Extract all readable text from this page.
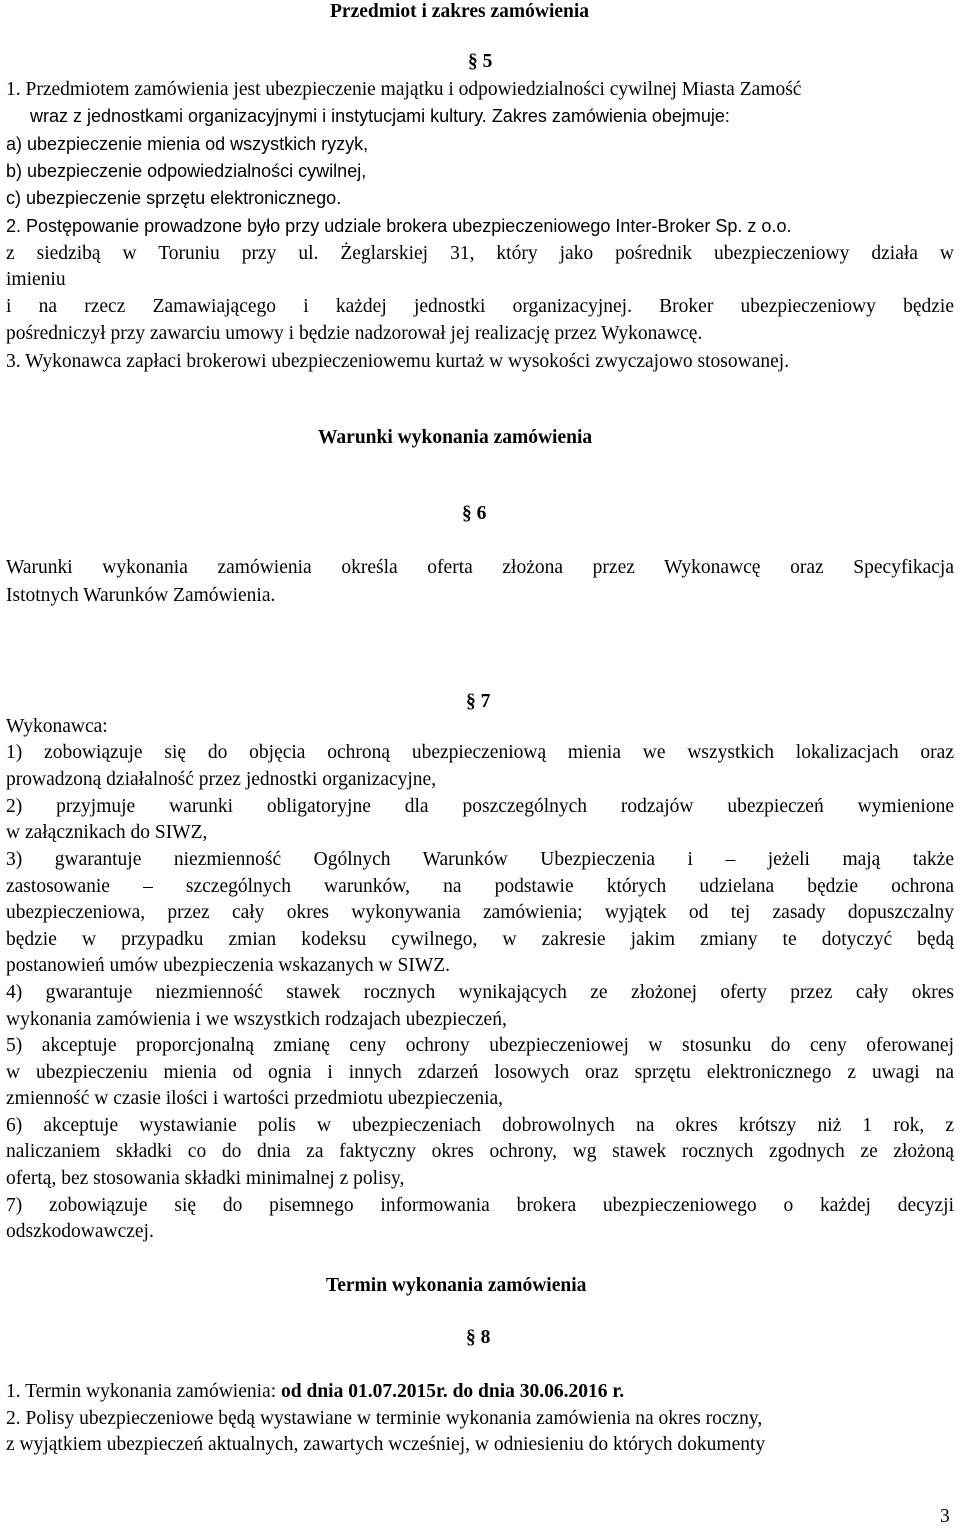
Przedmiot i zakres zamówienia
§ 5
1. Przedmiotem zamówienia jest ubezpieczenie majątku i odpowiedzialności cywilnej Miasta Zamość
wraz z jednostkami organizacyjnymi i instytucjami kultury. Zakres zamówienia obejmuje:
a) ubezpieczenie mienia od wszystkich ryzyk,
b) ubezpieczenie odpowiedzialności cywilnej,
c) ubezpieczenie sprzętu elektronicznego.
2. Postępowanie prowadzone było przy udziale brokera ubezpieczeniowego Inter-Broker Sp. z o.o.
z siedzibą w Toruniu przy ul. Żeglarskiej 31, który jako pośrednik ubezpieczeniowy działa w
imieniu
i na rzecz Zamawiającego i każdej jednostki organizacyjnej. Broker ubezpieczeniowy będzie
pośredniczył przy zawarciu umowy i będzie nadzorował jej realizację przez Wykonawcę.
3. Wykonawca zapłaci brokerowi ubezpieczeniowemu kurtaż w wysokości zwyczajowo stosowanej.
Warunki wykonania zamówienia
§ 6
Warunki wykonania zamówienia określa oferta złożona przez Wykonawcę oraz Specyfikacja
Istotnych Warunków Zamówienia.
§ 7
Wykonawca:
1) zobowiązuje się do objęcia ochroną ubezpieczeniową mienia we wszystkich lokalizacjach oraz
prowadzoną działalność przez jednostki organizacyjne,
2) przyjmuje warunki obligatoryjne dla poszczególnych rodzajów ubezpieczeń wymienione
w załącznikach do SIWZ,
3) gwarantuje niezmienność Ogólnych Warunków Ubezpieczenia i – jeżeli mają także
zastosowanie – szczególnych warunków, na podstawie których udzielana będzie ochrona
ubezpieczeniowa, przez cały okres wykonywania zamówienia; wyjątek od tej zasady dopuszczalny
będzie w przypadku zmian kodeksu cywilnego, w zakresie jakim zmiany te dotyczyć będą
postanowień umów ubezpieczenia wskazanych w SIWZ.
4) gwarantuje niezmienność stawek rocznych wynikających ze złożonej oferty przez cały okres
wykonania zamówienia i we wszystkich rodzajach ubezpieczeń,
5) akceptuje proporcjonalną zmianę ceny ochrony ubezpieczeniowej w stosunku do ceny oferowanej
w ubezpieczeniu mienia od ognia i innych zdarzeń losowych oraz sprzętu elektronicznego z uwagi na
zmienność w czasie ilości i wartości przedmiotu ubezpieczenia,
6) akceptuje wystawianie polis w ubezpieczeniach dobrowolnych na okres krótszy niż 1 rok, z
naliczaniem składki co do dnia za faktyczny okres ochrony, wg stawek rocznych zgodnych ze złożoną
ofertą, bez stosowania składki minimalnej z polisy,
7) zobowiązuje się do pisemnego informowania brokera ubezpieczeniowego o każdej decyzji
odszkodowawczej.
Termin wykonania zamówienia
§ 8
1. Termin wykonania zamówienia: od dnia 01.07.2015r. do dnia 30.06.2016 r.
2. Polisy ubezpieczeniowe będą wystawiane w terminie wykonania zamówienia na okres roczny,
z wyjątkiem ubezpieczeń aktualnych, zawartych wcześniej, w odniesieniu do których dokumenty
3
